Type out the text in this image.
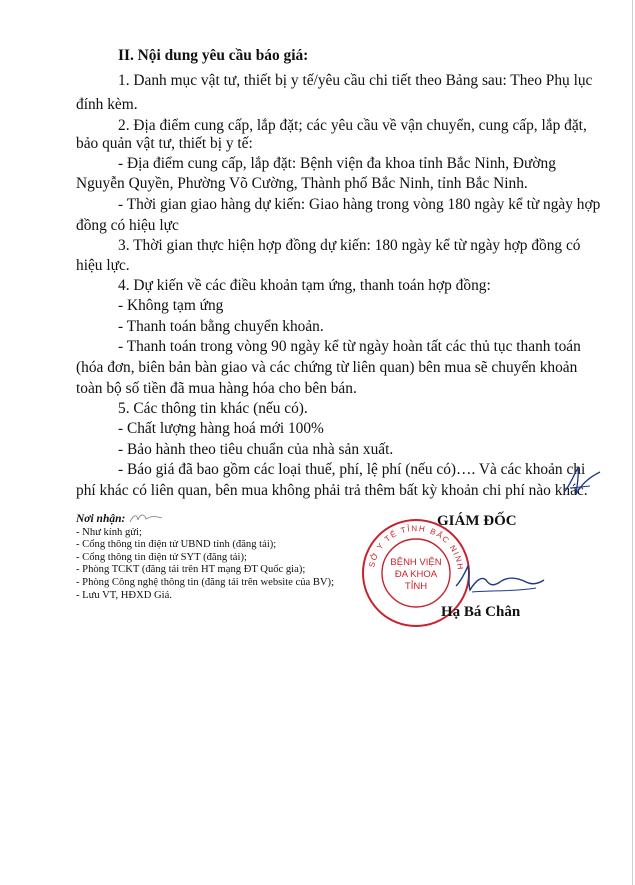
II. Nội dung yêu cầu báo giá:
1. Danh mục vật tư, thiết bị y tế/yêu cầu chi tiết theo Bảng sau: Theo Phụ lục
đính kèm.
2. Địa điểm cung cấp, lắp đặt; các yêu cầu về vận chuyển, cung cấp, lắp đặt,
bảo quản vật tư, thiết bị y tế:
- Địa điểm cung cấp, lắp đặt: Bệnh viện đa khoa tỉnh Bắc Ninh, Đường
Nguyễn Quyền, Phường Võ Cường, Thành phố Bắc Ninh, tỉnh Bắc Ninh.
- Thời gian giao hàng dự kiến: Giao hàng trong vòng 180 ngày kể từ ngày hợp
đồng có hiệu lực
3. Thời gian thực hiện hợp đồng dự kiến: 180 ngày kể từ ngày hợp đồng có
hiệu lực.
4. Dự kiến về các điều khoản tạm ứng, thanh toán hợp đồng:
- Không tạm ứng
- Thanh toán bằng chuyển khoản.
- Thanh toán trong vòng 90 ngày kể từ ngày hoàn tất các thủ tục thanh toán
(hóa đơn, biên bản bàn giao và các chứng từ liên quan) bên mua sẽ chuyển khoản
toàn bộ số tiền đã mua hàng hóa cho bên bán.
5. Các thông tin khác (nếu có).
- Chất lượng hàng hoá mới 100%
- Bảo hành theo tiêu chuẩn của nhà sản xuất.
- Báo giá đã bao gồm các loại thuế, phí, lệ phí (nếu có)…. Và các khoản chi
phí khác có liên quan, bên mua không phải trả thêm bất kỳ khoản chi phí nào khác.
Nơi nhận:
- Như kính gửi;
- Cổng thông tin điện tử UBND tỉnh (đăng tải);
- Cổng thông tin điện tử SYT (đăng tải);
- Phòng TCKT (đăng tải trên HT mạng ĐT Quốc gia);
- Phòng Công nghệ thông tin (đăng tải trên website của BV);
- Lưu VT, HĐXD Giá.
GIÁM ĐỐC
SỞ Y TẾ TỈNH BẮC NINH
BỆNH VIỆN
ĐA KHOA
TỈNH
Hạ Bá Chân
